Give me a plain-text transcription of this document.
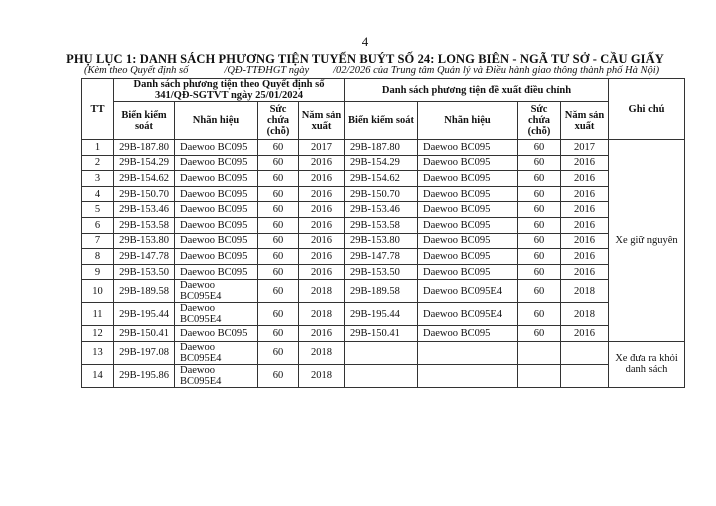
4
PHỤ LỤC 1: DANH SÁCH PHƯƠNG TIỆN TUYẾN BUÝT SỐ 24: LONG BIÊN - NGÃ TƯ SỞ - CẦU GIẤY
(Kèm theo Quyết định số	/QĐ-TTĐHGT ngày /02/2026 của Trung tâm Quản lý và Điều hành giao thông thành phố Hà Nội)
TT	Danh sách phương tiện theo Quyết định số 341/QĐ-SGTVT ngày 25/01/2024				Danh sách phương tiện đề xuất điều chỉnh				Ghi chú
	Biển kiểm soát	Nhãn hiệu	Sức chứa (chỗ)	Năm sản xuất	Biển kiểm soát	Nhãn hiệu	Sức chứa (chỗ)	Năm sản xuất	
1	29B-187.80	Daewoo BC095	60	2017	29B-187.80	Daewoo BC095	60	2017	Xe giữ nguyên
2	29B-154.29	Daewoo BC095	60	2016	29B-154.29	Daewoo BC095	60	2016	
3	29B-154.62	Daewoo BC095	60	2016	29B-154.62	Daewoo BC095	60	2016	
4	29B-150.70	Daewoo BC095	60	2016	29B-150.70	Daewoo BC095	60	2016	
5	29B-153.46	Daewoo BC095	60	2016	29B-153.46	Daewoo BC095	60	2016	
6	29B-153.58	Daewoo BC095	60	2016	29B-153.58	Daewoo BC095	60	2016	
7	29B-153.80	Daewoo BC095	60	2016	29B-153.80	Daewoo BC095	60	2016	
8	29B-147.78	Daewoo BC095	60	2016	29B-147.78	Daewoo BC095	60	2016	
9	29B-153.50	Daewoo BC095	60	2016	29B-153.50	Daewoo BC095	60	2016	
10	29B-189.58	Daewoo BC095E4	60	2018	29B-189.58	Daewoo BC095E4	60	2018	
11	29B-195.44	Daewoo BC095E4	60	2018	29B-195.44	Daewoo BC095E4	60	2018	
12	29B-150.41	Daewoo BC095	60	2016	29B-150.41	Daewoo BC095	60	2016	
13	29B-197.08	Daewoo BC095E4	60	2018					Xe đưa ra khỏi danh sách
14	29B-195.86	Daewoo BC095E4	60	2018					
